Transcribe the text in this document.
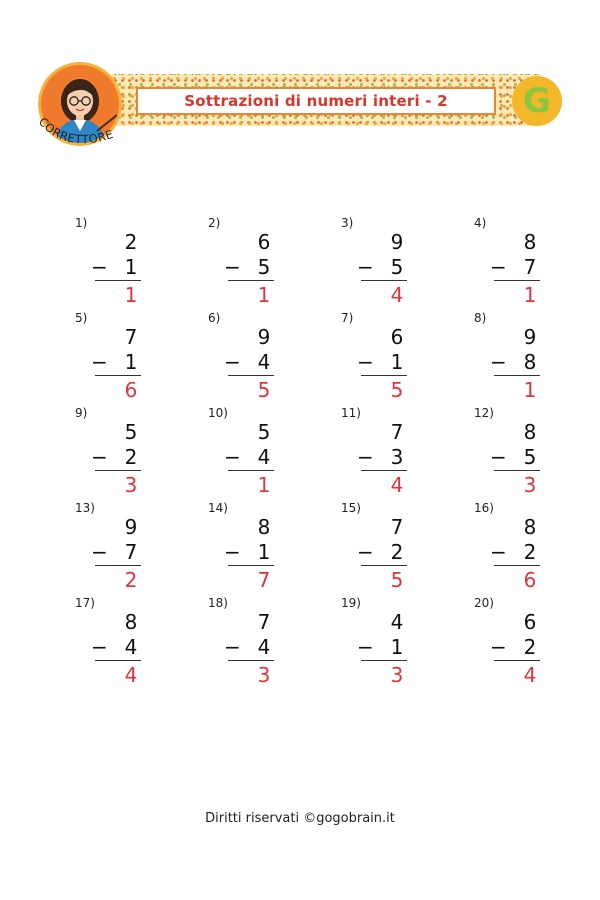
Sottrazioni di numeri interi - 2
CORRETTORE
G
1)
2
− 1
1
2)
6
− 5
1
3)
9
− 5
4
4)
8
− 7
1
5)
7
− 1
6
6)
9
− 4
5
7)
6
− 1
5
8)
9
− 8
1
9)
5
− 2
3
10)
5
− 4
1
11)
7
− 3
4
12)
8
− 5
3
13)
9
− 7
2
14)
8
− 1
7
15)
7
− 2
5
16)
8
− 2
6
17)
8
− 4
4
18)
7
− 4
3
19)
4
− 1
3
20)
6
− 2
4
Diritti riservati ©gogobrain.it
